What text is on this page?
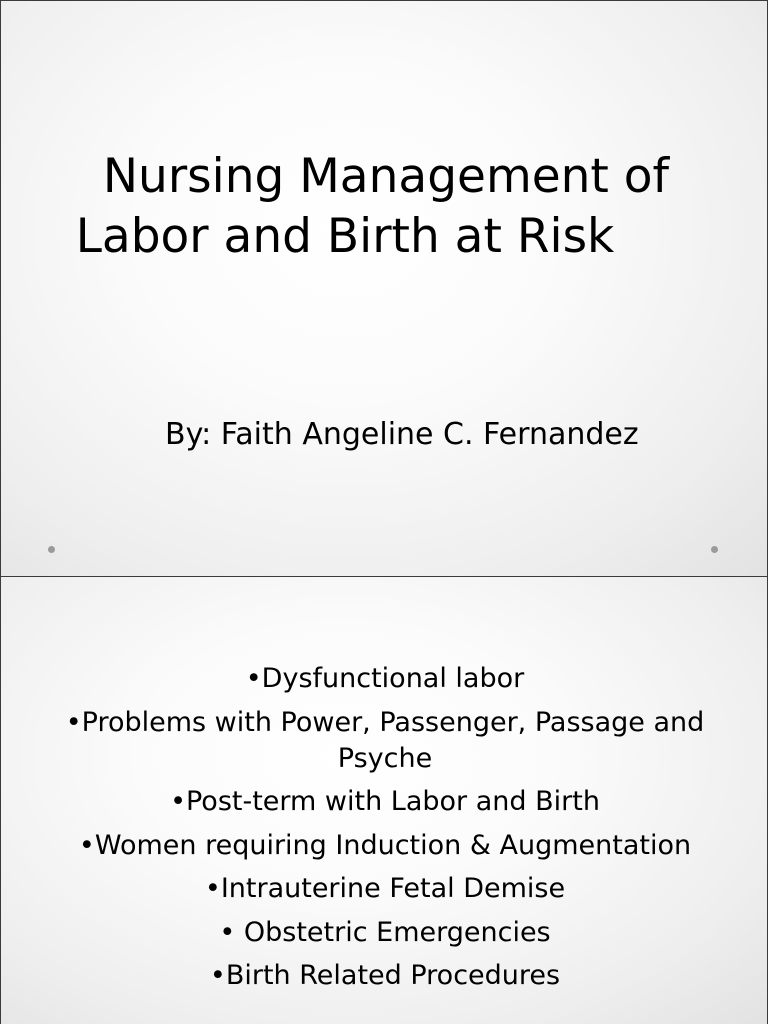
Nursing Management of
Labor and Birth at Risk
By: Faith Angeline C. Fernandez
•Dysfunctional labor
•Problems with Power, Passenger, Passage and Psyche
•Post-term with Labor and Birth
•Women requiring Induction & Augmentation
•Intrauterine Fetal Demise
• Obstetric Emergencies
•Birth Related Procedures
